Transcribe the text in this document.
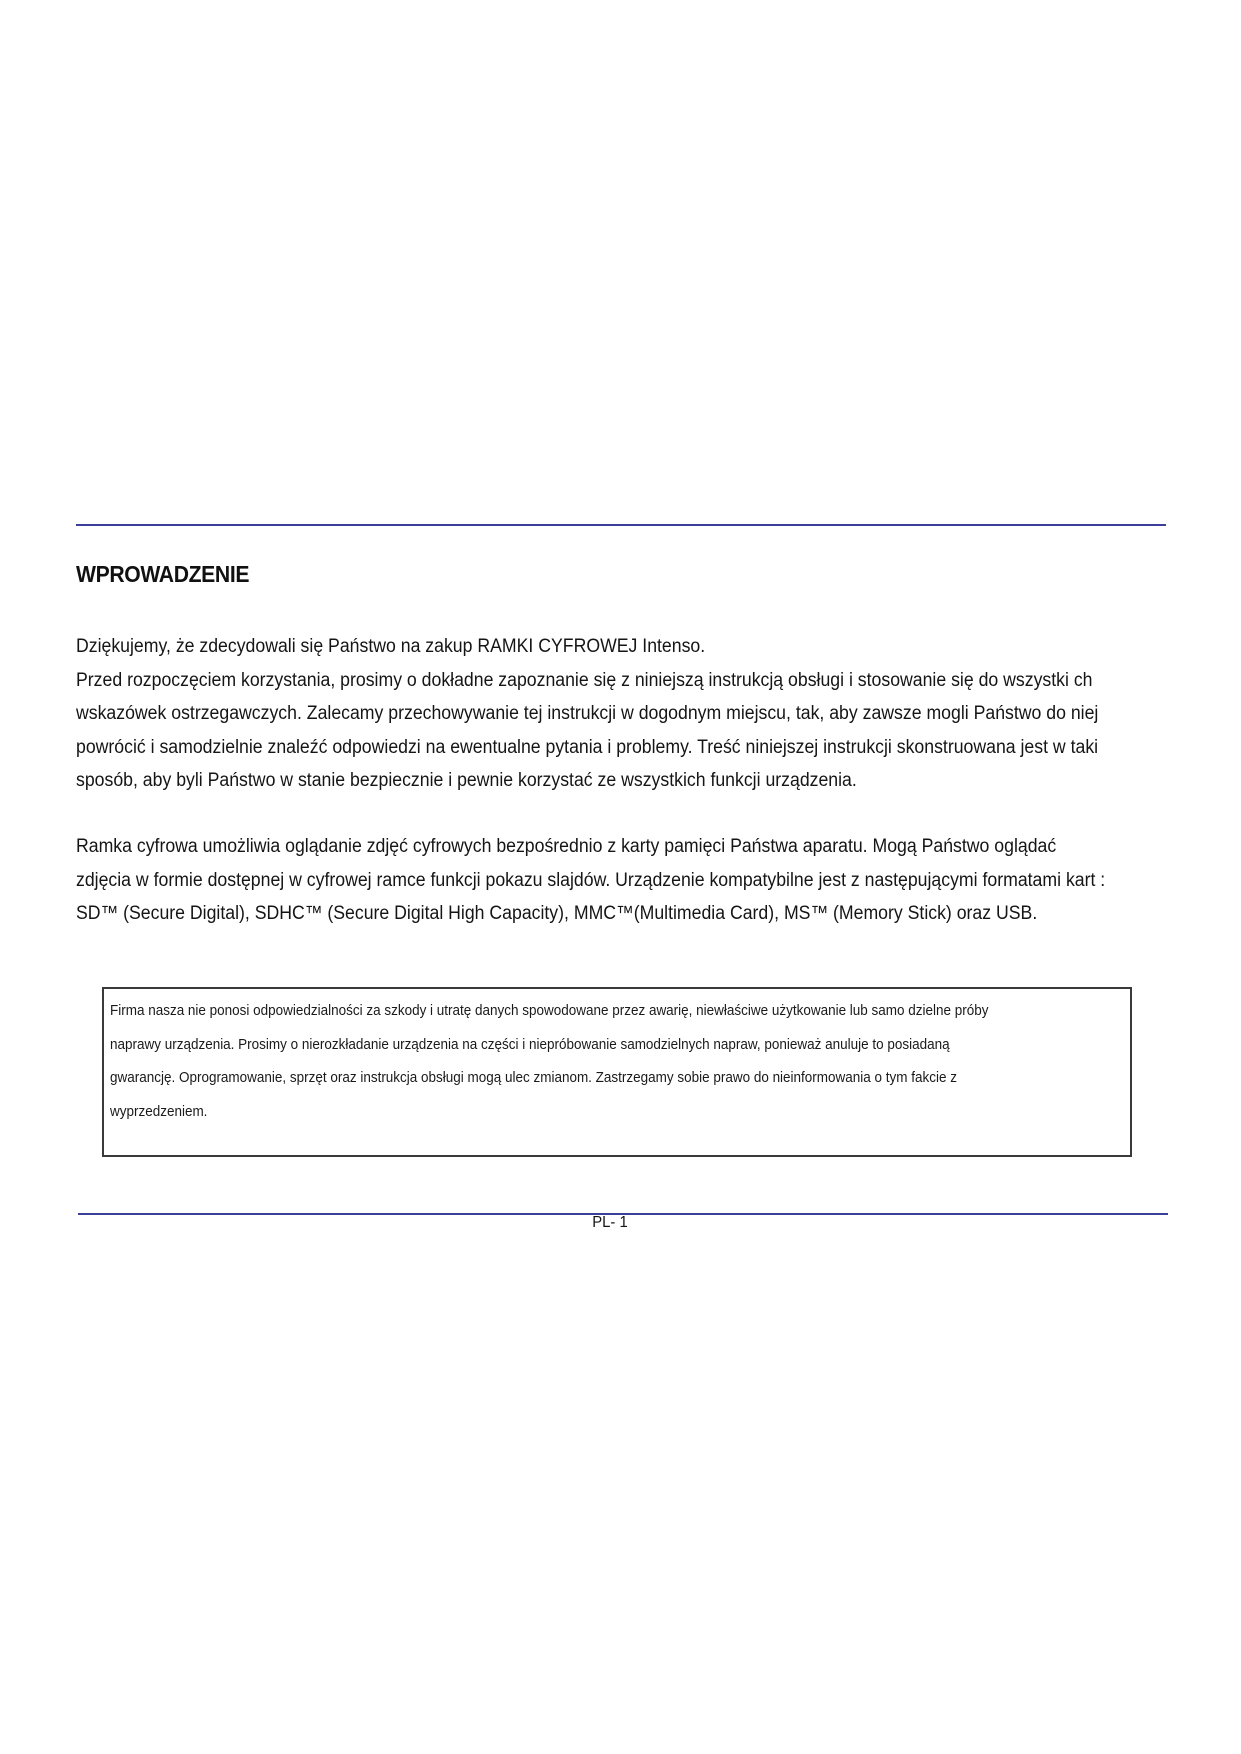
WPROWADZENIE

Dziękujemy, że zdecydowali się Państwo na zakup RAMKI CYFROWEJ Intenso.

Przed rozpoczęciem korzystania, prosimy o dokładne zapoznanie się z niniejszą instrukcją obsługi i stosowanie się do wszystki ch

wskazówek ostrzegawczych. Zalecamy przechowywanie tej instrukcji w dogodnym miejscu, tak, aby zawsze mogli Państwo do niej

powrócić i samodzielnie znaleźć odpowiedzi na ewentualne pytania i problemy. Treść niniejszej instrukcji skonstruowana jest w taki

sposób, aby byli Państwo w stanie bezpiecznie i pewnie korzystać ze wszystkich funkcji urządzenia.

Ramka cyfrowa umożliwia oglądanie zdjęć cyfrowych bezpośrednio z karty pamięci Państwa aparatu. Mogą Państwo oglądać

zdjęcia w formie dostępnej w cyfrowej ramce funkcji pokazu slajdów. Urządzenie kompatybilne jest z następującymi formatami kart :

SD™ (Secure Digital), SDHC™ (Secure Digital High Capacity), MMC™(Multimedia Card), MS™ (Memory Stick) oraz USB.

Firma nasza nie ponosi odpowiedzialności za szkody i utratę danych spowodowane przez awarię, niewłaściwe użytkowanie lub samo dzielne próby

naprawy urządzenia. Prosimy o nierozkładanie urządzenia na części i niepróbowanie samodzielnych napraw, ponieważ anuluje to posiadaną

gwarancję. Oprogramowanie, sprzęt oraz instrukcja obsługi mogą ulec zmianom. Zastrzegamy sobie prawo do nieinformowania o tym fakcie z

wyprzedzeniem.

PL- 1
